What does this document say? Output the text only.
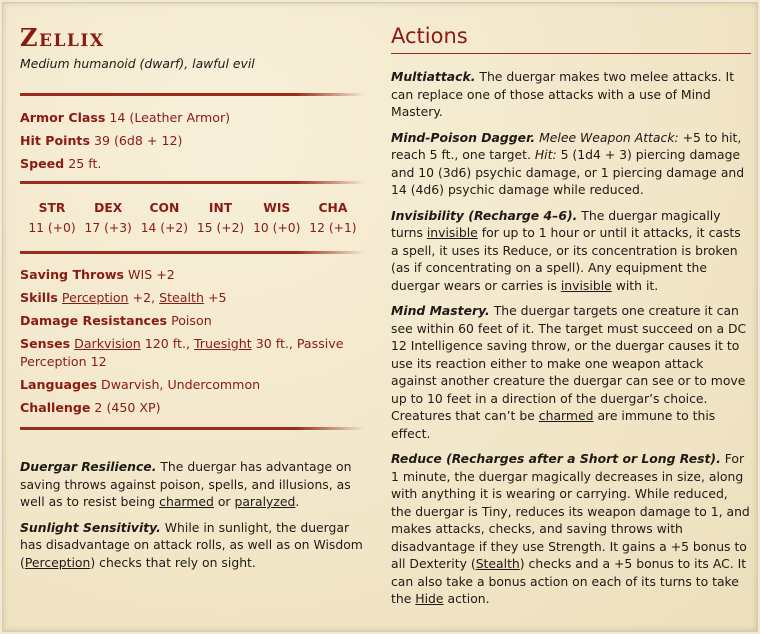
Zellix
Medium humanoid (dwarf), lawful evil
Armor Class 14 (Leather Armor)
Hit Points 39 (6d8 + 12)
Speed 25 ft.
STR
11 (+0)
DEX
17 (+3)
CON
14 (+2)
INT
15 (+2)
WIS
10 (+0)
CHA
12 (+1)
Saving Throws WIS +2
Skills Perception +2, Stealth +5
Damage Resistances Poison
Senses Darkvision 120 ft., Truesight 30 ft., Passive Perception 12
Languages Dwarvish, Undercommon
Challenge 2 (450 XP)
Duergar Resilience. The duergar has advantage on saving throws against poison, spells, and illusions, as well as to resist being charmed or paralyzed.
Sunlight Sensitivity. While in sunlight, the duergar has disadvantage on attack rolls, as well as on Wisdom (Perception) checks that rely on sight.
Actions
Multiattack. The duergar makes two melee attacks. It can replace one of those attacks with a use of Mind Mastery.
Mind-Poison Dagger. Melee Weapon Attack: +5 to hit, reach 5 ft., one target. Hit: 5 (1d4 + 3) piercing damage and 10 (3d6) psychic damage, or 1 piercing damage and 14 (4d6) psychic damage while reduced.
Invisibility (Recharge 4–6). The duergar magically turns invisible for up to 1 hour or until it attacks, it casts a spell, it uses its Reduce, or its concentration is broken (as if concentrating on a spell). Any equipment the duergar wears or carries is invisible with it.
Mind Mastery. The duergar targets one creature it can see within 60 feet of it. The target must succeed on a DC 12 Intelligence saving throw, or the duergar causes it to use its reaction either to make one weapon attack against another creature the duergar can see or to move up to 10 feet in a direction of the duergar’s choice. Creatures that can’t be charmed are immune to this effect.
Reduce (Recharges after a Short or Long Rest). For 1 minute, the duergar magically decreases in size, along with anything it is wearing or carrying. While reduced, the duergar is Tiny, reduces its weapon damage to 1, and makes attacks, checks, and saving throws with disadvantage if they use Strength. It gains a +5 bonus to all Dexterity (Stealth) checks and a +5 bonus to its AC. It can also take a bonus action on each of its turns to take the Hide action.
